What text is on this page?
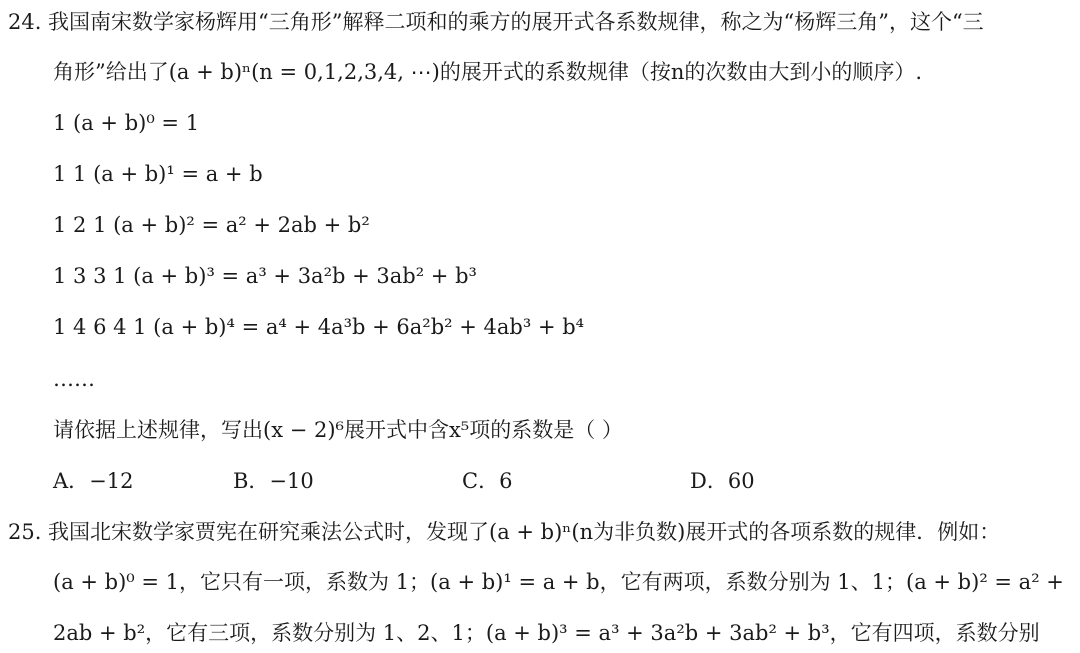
24. 我国南宋数学家杨辉用“三角形”解释二项和的乘方的展开式各系数规律，称之为“杨辉三角”，这个“三
角形”给出了(a + b)ⁿ(n = 0,1,2,3,4, ⋯)的展开式的系数规律（按n的次数由大到小的顺序）.
1 (a + b)⁰ = 1
1 1 (a + b)¹ = a + b
1 2 1 (a + b)² = a² + 2ab + b²
1 3 3 1 (a + b)³ = a³ + 3a²b + 3ab² + b³
1 4 6 4 1 (a + b)⁴ = a⁴ + 4a³b + 6a²b² + 4ab³ + b⁴
……
请依据上述规律，写出(x − 2)⁶展开式中含x⁵项的系数是（ ）
A．−12	B．−10	C．6	D．60
25. 我国北宋数学家贾宪在研究乘法公式时，发现了(a + b)ⁿ(n为非负数)展开式的各项系数的规律．例如：
(a + b)⁰ = 1，它只有一项，系数为 1；(a + b)¹ = a + b，它有两项，系数分别为 1、1；(a + b)² = a² +
2ab + b²，它有三项，系数分别为 1、2、1；(a + b)³ = a³ + 3a²b + 3ab² + b³，它有四项，系数分别
